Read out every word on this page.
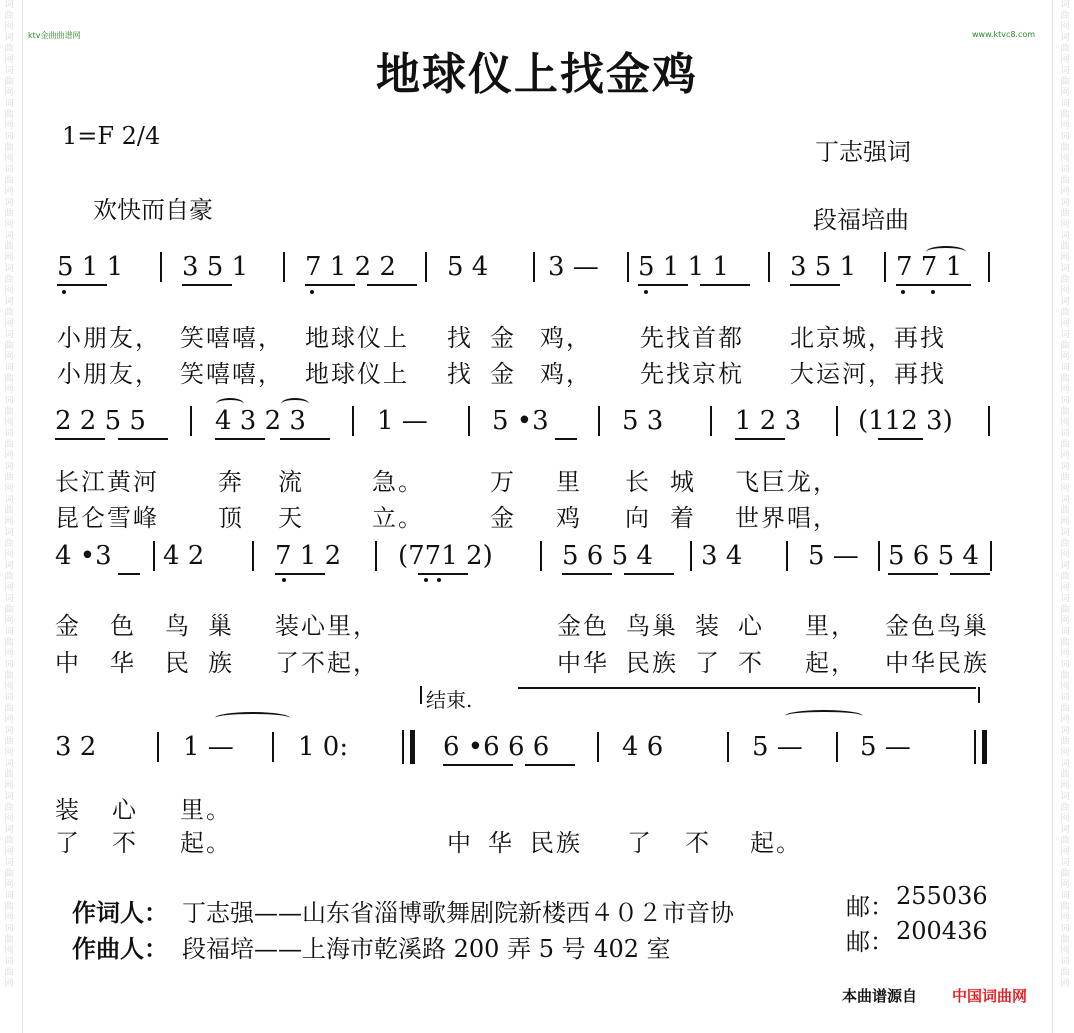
词
曲
网
词
曲
网
词
曲
网
词
曲
网
词
曲
网
词
曲
网
词
曲
网
词
曲
网
词
曲
网
词
曲
网
词
曲
网
词
曲
网
词
曲
网
词
曲
网
词
曲
网
词
曲
网
词
曲
网
词
曲
网
词
曲
网
词
曲
网
词
曲
网
词
曲
网
词
曲
网
词
曲
网
词
曲
网
词
曲
网
词
曲
网
词
曲
网
词
曲
网
词
曲
网
词
曲
网
词
曲
网
词
曲
网
词
曲
网
词
曲
网
词
曲
网
词
曲
网
词
曲
网
词
曲
网
词
曲
网
词
曲
网
词
曲
网
词
曲
网
词
曲
网
词
曲
网
词
曲
网
词
曲
网
词
曲
网
词
曲
网
词
曲
网
词
曲
网
词
曲
网
词
曲
网
词
曲
网
词
曲
网
词
曲
网
词
曲
网
词
曲
网
词
曲
网
词
曲
网
ktv金曲曲谱网	www.ktvc8.com
地球仪上找金鸡
1=F 2/4
丁志强词
欢快而自豪	段福培曲
5 1 1 3 5 1 7 1 2 2 5 4 3 — 5 1 1 1 3 5 1 7 7 1
小朋友， 笑嘻嘻， 地球仪上 找 金 鸡， 先找首都 北京城，再找
小朋友， 笑嘻嘻， 地球仪上 找 金 鸡， 先找京杭 大运河，再找
2 2 5 5	4 3 2 3	1 — 5 •3	5 3	1 2 3 (112 3)
长江黄河 奔 流	急。	万 里 长 城 飞巨龙，
昆仑雪峰 顶 天	立。	金 鸡 向 着 世界唱，
4 •3 4 2	7 1 2 (771 2)	5 6 5 4 3 4	5 — 5 6 5 4
金 色 鸟 巢 装心里，	金色 鸟巢 装 心 里， 金色鸟巢
中 华 民 族 了不起，	中华 民族 了 不 起， 中华民族
结束.
3 2	1 — 1 0:	6 •6 6 6	4 6	5 — 5 —
装 心 里。
了 不 起。	中 华 民族 了 不 起。
作词人： 丁志强——山东省淄博歌舞剧院新楼西４０２市音协	邮： 255036
作曲人： 段福培——上海市乾溪路 200 弄 5 号 402 室	邮： 200436
本曲谱源自 中国词曲网
